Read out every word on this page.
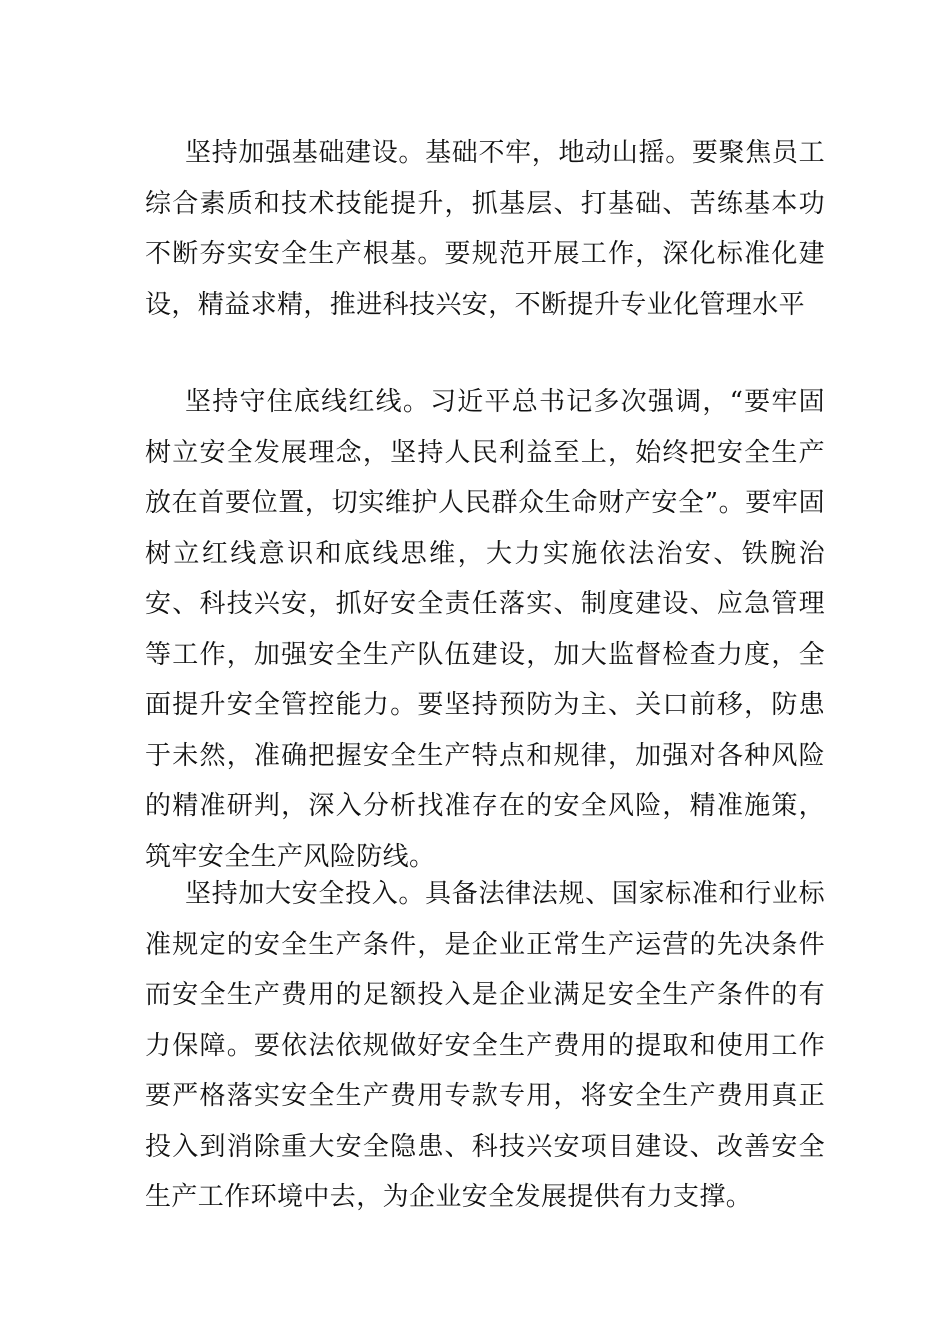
坚持加强基础建设。基础不牢，地动山摇。要聚焦员工综合素质和技术技能提升，抓基层、打基础、苦练基本功不断夯实安全生产根基。要规范开展工作，深化标准化建设，精益求精，推进科技兴安，不断提升专业化管理水平

坚持守住底线红线。习近平总书记多次强调，“要牢固树立安全发展理念，坚持人民利益至上，始终把安全生产放在首要位置，切实维护人民群众生命财产安全”。要牢固树立红线意识和底线思维，大力实施依法治安、铁腕治安、科技兴安，抓好安全责任落实、制度建设、应急管理等工作，加强安全生产队伍建设，加大监督检查力度，全面提升安全管控能力。要坚持预防为主、关口前移，防患于未然，准确把握安全生产特点和规律，加强对各种风险的精准研判，深入分析找准存在的安全风险，精准施策，筑牢安全生产风险防线。

坚持加大安全投入。具备法律法规、国家标准和行业标准规定的安全生产条件，是企业正常生产运营的先决条件而安全生产费用的足额投入是企业满足安全生产条件的有力保障。要依法依规做好安全生产费用的提取和使用工作要严格落实安全生产费用专款专用，将安全生产费用真正投入到消除重大安全隐患、科技兴安项目建设、改善安全生产工作环境中去，为企业安全发展提供有力支撑。
